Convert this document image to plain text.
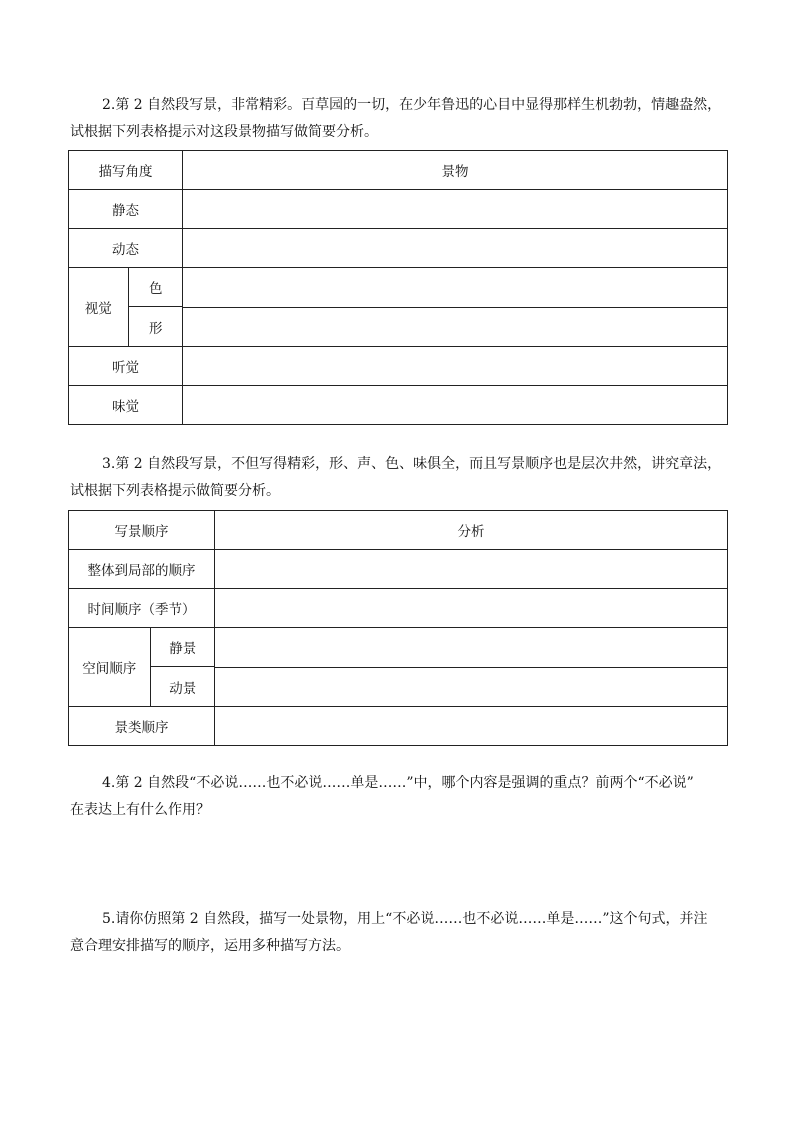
2.第 2 自然段写景，非常精彩。百草园的一切，在少年鲁迅的心目中显得那样生机勃勃，情趣盎然，
试根据下列表格提示对这段景物描写做简要分析。
描写角度	景物
静态	
动态	

视觉	色
形

听觉	
味觉	
3.第 2 自然段写景，不但写得精彩，形、声、色、味俱全，而且写景顺序也是层次井然，讲究章法，
试根据下列表格提示做简要分析。
写景顺序	分析
整体到局部的顺序	
时间顺序（季节）	

空间顺序	静景
动景

景类顺序	
4.第 2 自然段“不必说……也不必说……单是……”中，哪个内容是强调的重点？前两个“不必说”
在表达上有什么作用？
5.请你仿照第 2 自然段，描写一处景物，用上“不必说……也不必说……单是……”这个句式，并注
意合理安排描写的顺序，运用多种描写方法。
